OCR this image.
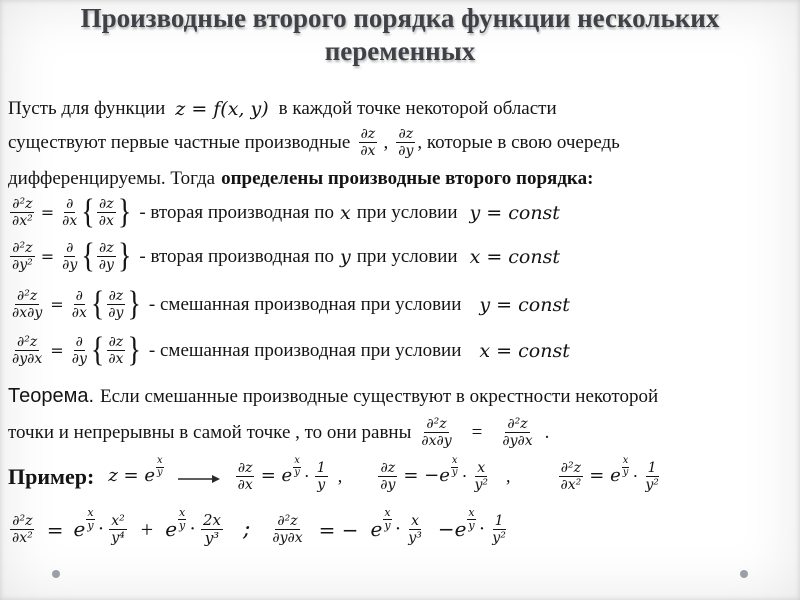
Производные второго порядка функции нескольких
переменных
Пусть для функции z = f(x, y) в каждой точке некоторой области
существуют первые частные производные $\frac{\partial z}{\partial x}$ , $\frac{\partial z}{\partial y}$ , которые в свою очередь
дифференцируемы. Тогда определены производные второго порядка:
$\frac{\text{∂²z}}{\text{∂x²}} = \frac{\partial}{\partial x}$ { $\frac{\partial z}{\partial x}$ } - вторая производная по x при условии y = const
$\frac{\text{∂²z}}{\text{∂y²}} = \frac{\partial}{\partial y}$ { $\frac{\partial z}{\partial y}$ } - вторая производная по y при условии x = const
$\frac{\text{∂²z}}{\partial x\partial y} = \frac{\partial}{\partial x}$ { $\frac{\partial z}{\partial y}$ } - смешанная производная при условии y = const
$\frac{\text{∂²z}}{\partial y\partial x} = \frac{\partial}{\partial y}$ { $\frac{\partial z}{\partial x}$ } - смешанная производная при условии x = const
Теорема. Если смешанные производные существуют в окрестности некоторой
точки и непрерывны в самой точке , то они равны $\frac{\text{∂²z}}{\partial x\partial y} = \frac{\text{∂²z}}{\partial y\partial x}$ .
Пример : z = e
x
y	$\frac{\partial z}{\partial x} = e$
x
$y \cdot \frac{1}{y}$ ,	$\frac{\partial z}{\partial y} = -e$
x
$y \cdot \frac{x}{\text{y²}}$ ,	$\frac{\text{∂²z}}{\text{∂x²}} = e$
x
$y \cdot \frac{1}{\text{y²}}$
$\frac{\text{∂²z}}{\text{∂x²}} = e$
x
$y \cdot \frac{\text{x²}}{\text{y⁴}} + e$
x
$y \cdot \frac{2x}{\text{y³}}$ ; $\frac{\text{∂²z}}{\partial y\partial x}$ = − e
x
$y \cdot \frac{x}{\text{y³}} -e$
x
$y \cdot \frac{1}{\text{y²}}$
